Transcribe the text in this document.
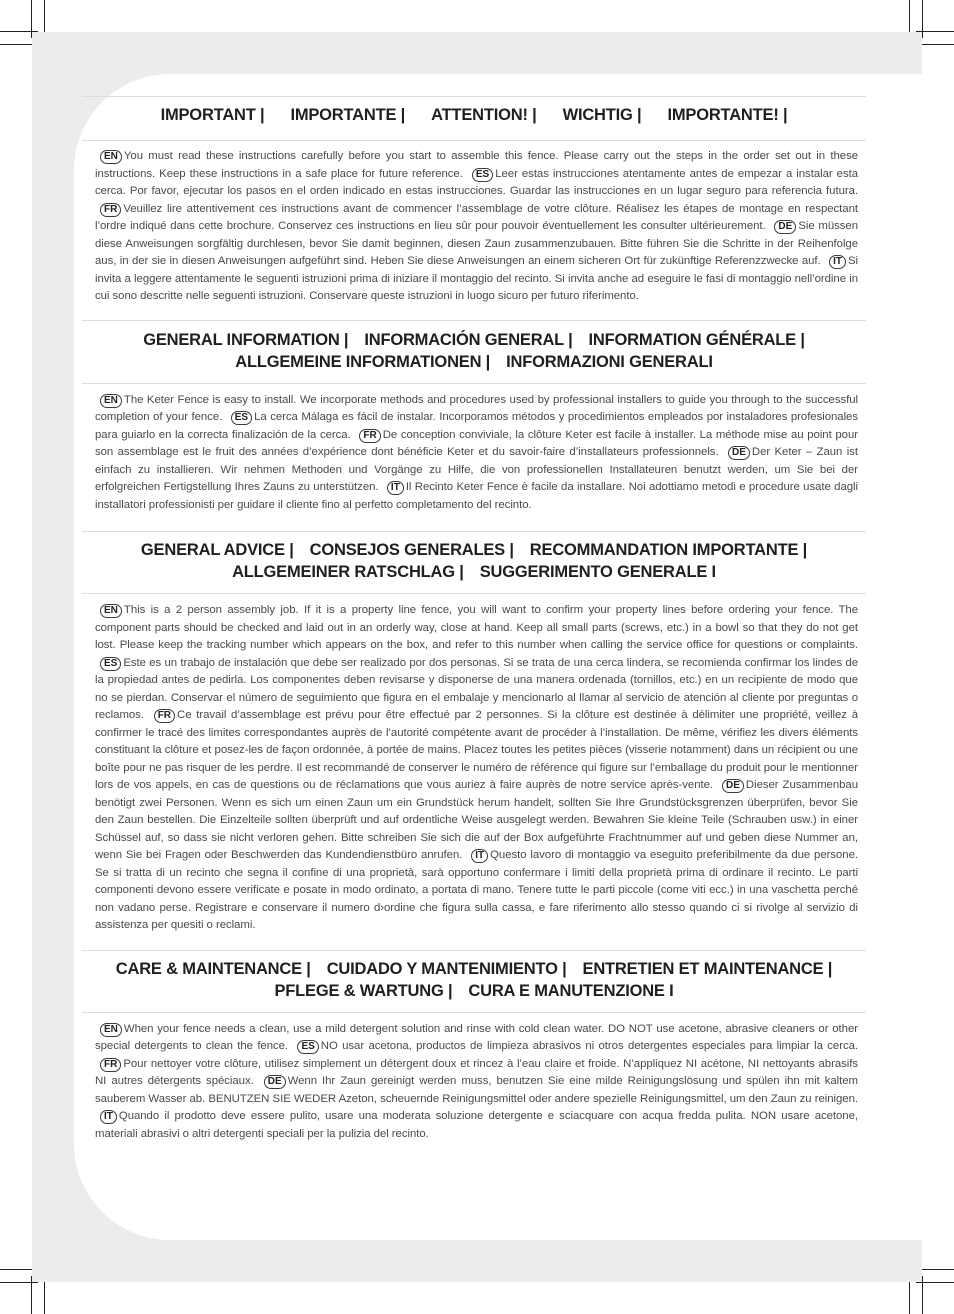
IMPORTANT | IMPORTANTE | ATTENTION! | WICHTIG | IMPORTANTE! |
EN You must read these instructions carefully before you start to assemble this fence. Please carry out the steps in the order set out in these instructions. Keep these instructions in a safe place for future reference. ES Leer estas instrucciones atentamente antes de empezar a instalar esta cerca. Por favor, ejecutar los pasos en el orden indicado en estas instrucciones. Guardar las instrucciones en un lugar seguro para referencia futura. FR Veuillez lire attentivement ces instructions avant de commencer l’assemblage de votre clôture. Réalisez les étapes de montage en respectant l’ordre indiqué dans cette brochure. Conservez ces instructions en lieu sûr pour pouvoir éventuellement les consulter ultérieurement. DE Sie müssen diese Anweisungen sorgfältig durchlesen, bevor Sie damit beginnen, diesen Zaun zusammenzubauen. Bitte führen Sie die Schritte in der Reihenfolge aus, in der sie in diesen Anweisungen aufgeführt sind. Heben Sie diese Anweisungen an einem sicheren Ort für zukünftige Referenzzwecke auf. IT Si invita a leggere attentamente le seguenti istruzioni prima di iniziare il montaggio del recinto. Si invita anche ad eseguire le fasi di montaggio nell’ordine in cui sono descritte nelle seguenti istruzioni. Conservare queste istruzioni in luogo sicuro per futuro riferimento.
GENERAL INFORMATION | INFORMACIÓN GENERAL | INFORMATION GÉNÉRALE |
ALLGEMEINE INFORMATIONEN | INFORMAZIONI GENERALI
EN The Keter Fence is easy to install. We incorporate methods and procedures used by professional installers to guide you through to the successful completion of your fence. ES La cerca Málaga es fácil de instalar. Incorporamos métodos y procedimientos empleados por instaladores profesionales para guiarlo en la correcta finalización de la cerca. FR De conception conviviale, la clôture Keter est facile à installer. La méthode mise au point pour son assemblage est le fruit des années d’expérience dont bénéficie Keter et du savoir-faire d’installateurs professionnels. DE Der Keter – Zaun ist einfach zu installieren. Wir nehmen Methoden und Vorgänge zu Hilfe, die von professionellen Installateuren benutzt werden, um Sie bei der erfolgreichen Fertigstellung Ihres Zauns zu unterstützen. IT Il Recinto Keter Fence è facile da installare. Noi adottiamo metodi e procedure usate dagli installatori professionisti per guidare il cliente fino al perfetto completamento del recinto.
GENERAL ADVICE | CONSEJOS GENERALES | RECOMMANDATION IMPORTANTE |
ALLGEMEINER RATSCHLAG | SUGGERIMENTO GENERALE I
EN This is a 2 person assembly job. If it is a property line fence, you will want to confirm your property lines before ordering your fence. The component parts should be checked and laid out in an orderly way, close at hand. Keep all small parts (screws, etc.) in a bowl so that they do not get lost. Please keep the tracking number which appears on the box, and refer to this number when calling the service office for questions or complaints. ES Este es un trabajo de instalación que debe ser realizado por dos personas. Si se trata de una cerca lindera, se recomienda confirmar los lindes de la propiedad antes de pedirla. Los componentes deben revisarse y disponerse de una manera ordenada (tornillos, etc.) en un recipiente de modo que no se pierdan. Conservar el número de seguimiento que figura en el embalaje y mencionarlo al llamar al servicio de atención al cliente por preguntas o reclamos. FR Ce travail d’assemblage est prévu pour être effectué par 2 personnes. Si la clôture est destinée à délimiter une propriété, veillez à confirmer le tracé des limites correspondantes auprès de l’autorité compétente avant de procéder à l’installation. De même, vérifiez les divers éléments constituant la clôture et posez-les de façon ordonnée, à portée de mains. Placez toutes les petites pièces (visserie notamment) dans un récipient ou une boîte pour ne pas risquer de les perdre. Il est recommandé de conserver le numéro de référence qui figure sur l’emballage du produit pour le mentionner lors de vos appels, en cas de questions ou de réclamations que vous auriez à faire auprès de notre service après-vente. DE Dieser Zusammenbau benötigt zwei Personen. Wenn es sich um einen Zaun um ein Grundstück herum handelt, sollten Sie Ihre Grundstücksgrenzen überprüfen, bevor Sie den Zaun bestellen. Die Einzelteile sollten überprüft und auf ordentliche Weise ausgelegt werden. Bewahren Sie kleine Teile (Schrauben usw.) in einer Schüssel auf, so dass sie nicht verloren gehen. Bitte schreiben Sie sich die auf der Box aufgeführte Frachtnummer auf und geben diese Nummer an, wenn Sie bei Fragen oder Beschwerden das Kundendienstbüro anrufen. IT Questo lavoro di montaggio va eseguito preferibilmente da due persone. Se si tratta di un recinto che segna il confine di una proprietà, sarà opportuno confermare i limiti della proprietà prima di ordinare il recinto. Le parti componenti devono essere verificate e posate in modo ordinato, a portata di mano. Tenere tutte le parti piccole (come viti ecc.) in una vaschetta perché non vadano perse. Registrare e conservare il numero d›ordine che figura sulla cassa, e fare riferimento allo stesso quando ci si rivolge al servizio di assistenza per quesiti o reclami.
CARE & MAINTENANCE | CUIDADO Y MANTENIMIENTO | ENTRETIEN ET MAINTENANCE |
PFLEGE & WARTUNG | CURA E MANUTENZIONE I
EN When your fence needs a clean, use a mild detergent solution and rinse with cold clean water. DO NOT use acetone, abrasive cleaners or other special detergents to clean the fence. ES NO usar acetona, productos de limpieza abrasivos ni otros detergentes especiales para limpiar la cerca. FR Pour nettoyer votre clôture, utilisez simplement un détergent doux et rincez à l’eau claire et froide. N’appliquez NI acétone, NI nettoyants abrasifs NI autres détergents spéciaux. DE Wenn Ihr Zaun gereinigt werden muss, benutzen Sie eine milde Reinigungslösung und spülen ihn mit kaltem sauberem Wasser ab. BENUTZEN SIE WEDER Azeton, scheuernde Reinigungsmittel oder andere spezielle Reinigungsmittel, um den Zaun zu reinigen. IT Quando il prodotto deve essere pulito, usare una moderata soluzione detergente e sciacquare con acqua fredda pulita. NON usare acetone, materiali abrasivi o altri detergenti speciali per la pulizia del recinto.
